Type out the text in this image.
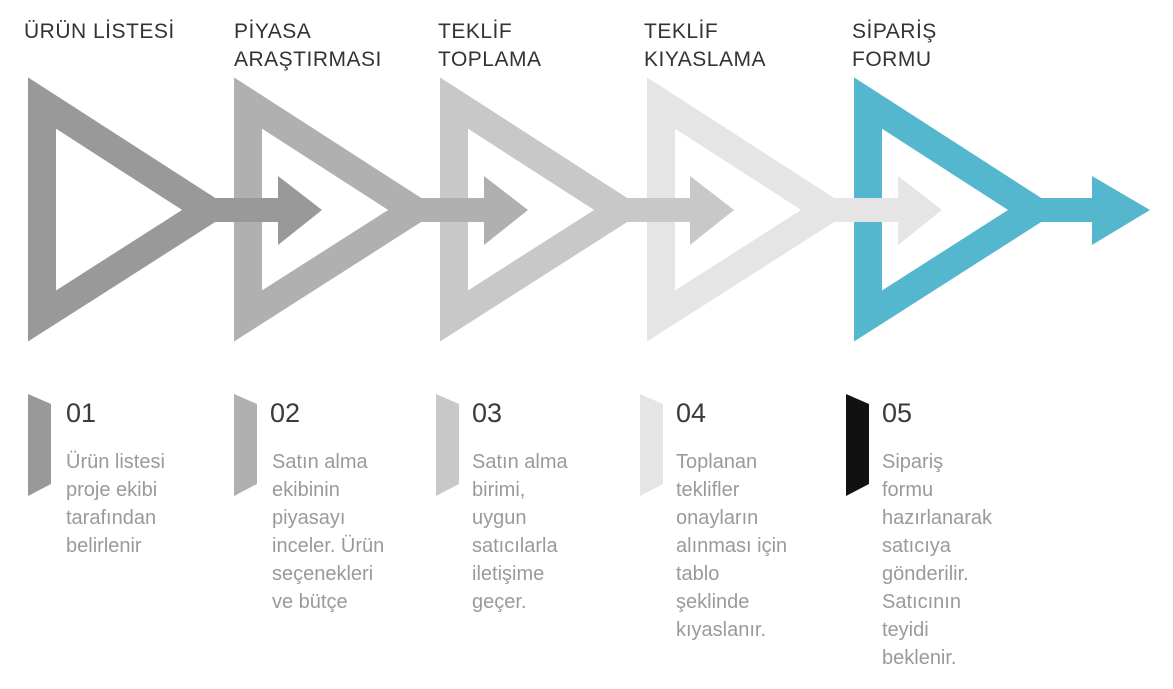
ÜRÜN LİSTESİ
01
Ürün listesi
proje ekibi
tarafından
belirlenir
PİYASA
ARAŞTIRMASI
02
Satın alma
ekibinin
piyasayı
inceler. Ürün
seçenekleri
ve bütçe
TEKLİF
TOPLAMA
03
Satın alma
birimi,
uygun
satıcılarla
iletişime
geçer.
TEKLİF
KIYASLAMA
04
Toplanan
teklifler
onayların
alınması için
tablo
şeklinde
kıyaslanır.
SİPARİŞ
FORMU
05
Sipariş
formu
hazırlanarak
satıcıya
gönderilir.
Satıcının
teyidi
beklenir.
